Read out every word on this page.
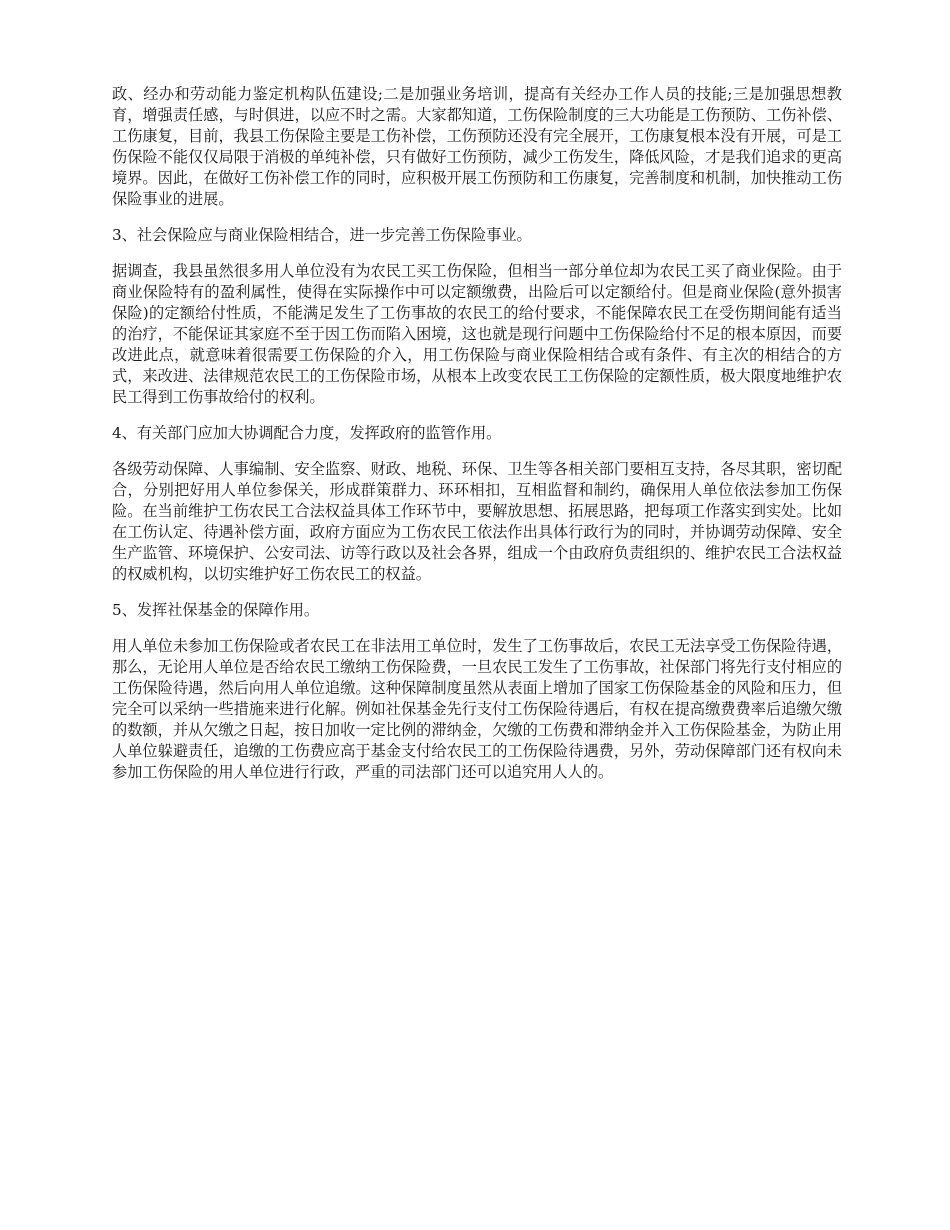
政、经办和劳动能力鉴定机构队伍建设;二是加强业务培训，提高有关经办工作人员的技能;三是加强思想教育，增强责任感，与时俱进，以应不时之需。大家都知道，工伤保险制度的三大功能是工伤预防、工伤补偿、工伤康复，目前，我县工伤保险主要是工伤补偿，工伤预防还没有完全展开，工伤康复根本没有开展，可是工伤保险不能仅仅局限于消极的单纯补偿，只有做好工伤预防，减少工伤发生，降低风险，才是我们追求的更高境界。因此，在做好工伤补偿工作的同时，应积极开展工伤预防和工伤康复，完善制度和机制，加快推动工伤保险事业的进展。

3、社会保险应与商业保险相结合，进一步完善工伤保险事业。

据调查，我县虽然很多用人单位没有为农民工买工伤保险，但相当一部分单位却为农民工买了商业保险。由于商业保险特有的盈利属性，使得在实际操作中可以定额缴费，出险后可以定额给付。但是商业保险(意外损害保险)的定额给付性质，不能满足发生了工伤事故的农民工的给付要求，不能保障农民工在受伤期间能有适当的治疗，不能保证其家庭不至于因工伤而陷入困境，这也就是现行问题中工伤保险给付不足的根本原因，而要改进此点，就意味着很需要工伤保险的介入，用工伤保险与商业保险相结合或有条件、有主次的相结合的方式，来改进、法律规范农民工的工伤保险市场，从根本上改变农民工工伤保险的定额性质，极大限度地维护农民工得到工伤事故给付的权利。

4、有关部门应加大协调配合力度，发挥政府的监管作用。

各级劳动保障、人事编制、安全监察、财政、地税、环保、卫生等各相关部门要相互支持，各尽其职，密切配合，分别把好用人单位参保关，形成群策群力、环环相扣，互相监督和制约，确保用人单位依法参加工伤保险。在当前维护工伤农民工合法权益具体工作环节中，要解放思想、拓展思路，把每项工作落实到实处。比如在工伤认定、待遇补偿方面，政府方面应为工伤农民工依法作出具体行政行为的同时，并协调劳动保障、安全生产监管、环境保护、公安司法、访等行政以及社会各界，组成一个由政府负责组织的、维护农民工合法权益的权威机构，以切实维护好工伤农民工的权益。

5、发挥社保基金的保障作用。

用人单位未参加工伤保险或者农民工在非法用工单位时，发生了工伤事故后，农民工无法享受工伤保险待遇，那么，无论用人单位是否给农民工缴纳工伤保险费，一旦农民工发生了工伤事故，社保部门将先行支付相应的工伤保险待遇，然后向用人单位追缴。这种保障制度虽然从表面上增加了国家工伤保险基金的风险和压力，但完全可以采纳一些措施来进行化解。例如社保基金先行支付工伤保险待遇后，有权在提高缴费费率后追缴欠缴的数额，并从欠缴之日起，按日加收一定比例的滞纳金，欠缴的工伤费和滞纳金并入工伤保险基金，为防止用人单位躲避责任，追缴的工伤费应高于基金支付给农民工的工伤保险待遇费，另外，劳动保障部门还有权向未参加工伤保险的用人单位进行行政，严重的司法部门还可以追究用人人的。
